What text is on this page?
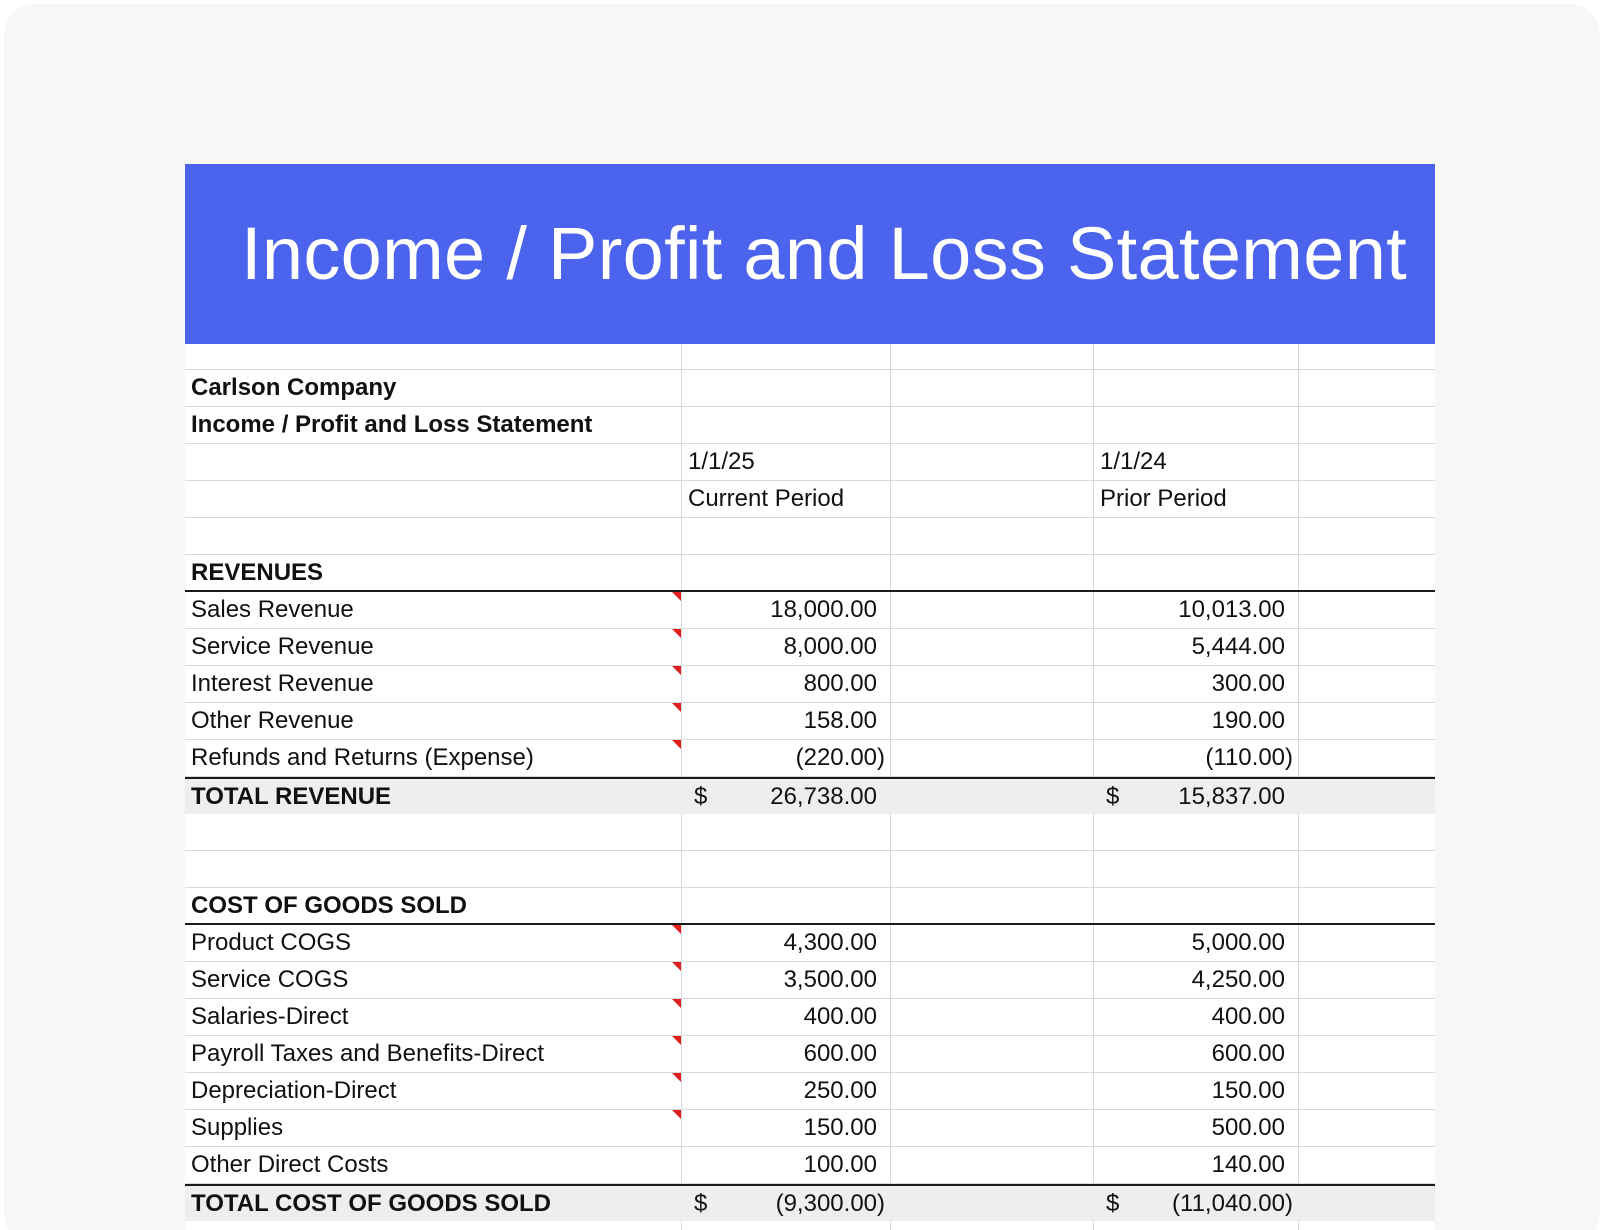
Income / Profit and Loss Statement
Carlson Company
Income / Profit and Loss Statement
1/1/25	1/1/24
Current Period	Prior Period
REVENUES
Sales Revenue	18,000.00	10,013.00
Service Revenue	8,000.00	5,444.00
Interest Revenue	800.00	300.00
Other Revenue	158.00	190.00
Refunds and Returns (Expense)	(220.00)	(110.00)
TOTAL REVENUE	$	26,738.00	$ 15,837.00
COST OF GOODS SOLD
Product COGS	4,300.00	5,000.00
Service COGS	3,500.00	4,250.00
Salaries-Direct	400.00	400.00
Payroll Taxes and Benefits-Direct	600.00	600.00
Depreciation-Direct	250.00	150.00
Supplies	150.00	500.00
Other Direct Costs	100.00	140.00
TOTAL COST OF GOODS SOLD	$	(9,300.00)	$ (11,040.00)
